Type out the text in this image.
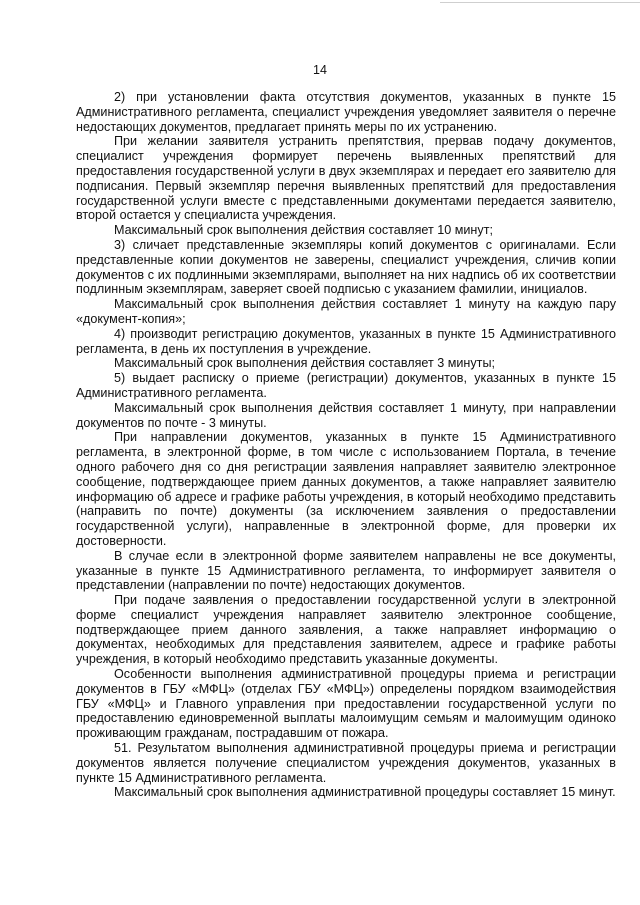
14

2) при установлении факта отсутствия документов, указанных в пункте 15 Административного регламента, специалист учреждения уведомляет заявителя о перечне недостающих документов, предлагает принять меры по их устранению.

При желании заявителя устранить препятствия, прервав подачу документов, специалист учреждения формирует перечень выявленных препятствий для предоставления государственной услуги в двух экземплярах и передает его заявителю для подписания. Первый экземпляр перечня выявленных препятствий для предоставления государственной услуги вместе с представленными документами передается заявителю, второй остается у специалиста учреждения.

Максимальный срок выполнения действия составляет 10 минут;

3) сличает представленные экземпляры копий документов с оригиналами. Если представленные копии документов не заверены, специалист учреждения, сличив копии документов с их подлинными экземплярами, выполняет на них надпись об их соответствии подлинным экземплярам, заверяет своей подписью с указанием фамилии, инициалов.

Максимальный срок выполнения действия составляет 1 минуту на каждую пару «документ-копия»;

4) производит регистрацию документов, указанных в пункте 15 Административного регламента, в день их поступления в учреждение.

Максимальный срок выполнения действия составляет 3 минуты;

5) выдает расписку о приеме (регистрации) документов, указанных в пункте 15 Административного регламента.

Максимальный срок выполнения действия составляет 1 минуту, при направлении документов по почте - 3 минуты.

При направлении документов, указанных в пункте 15 Административного регламента, в электронной форме, в том числе с использованием Портала, в течение одного рабочего дня со дня регистрации заявления направляет заявителю электронное сообщение, подтверждающее прием данных документов, а также направляет заявителю информацию об адресе и графике работы учреждения, в который необходимо представить (направить по почте) документы (за исключением заявления о предоставлении государственной услуги), направленные в электронной форме, для проверки их достоверности.

В случае если в электронной форме заявителем направлены не все документы, указанные в пункте 15 Административного регламента, то информирует заявителя о представлении (направлении по почте) недостающих документов.

При подаче заявления о предоставлении государственной услуги в электронной форме специалист учреждения направляет заявителю электронное сообщение, подтверждающее прием данного заявления, а также направляет информацию о документах, необходимых для представления заявителем, адресе и графике работы учреждения, в который необходимо представить указанные документы.

Особенности выполнения административной процедуры приема и регистрации документов в ГБУ «МФЦ» (отделах ГБУ «МФЦ») определены порядком взаимодействия ГБУ «МФЦ» и Главного управления при предоставлении государственной услуги по предоставлению единовременной выплаты малоимущим семьям и малоимущим одиноко проживающим гражданам, пострадавшим от пожара.

51. Результатом выполнения административной процедуры приема и регистрации документов является получение специалистом учреждения документов, указанных в пункте 15 Административного регламента.

Максимальный срок выполнения административной процедуры составляет 15 минут.
